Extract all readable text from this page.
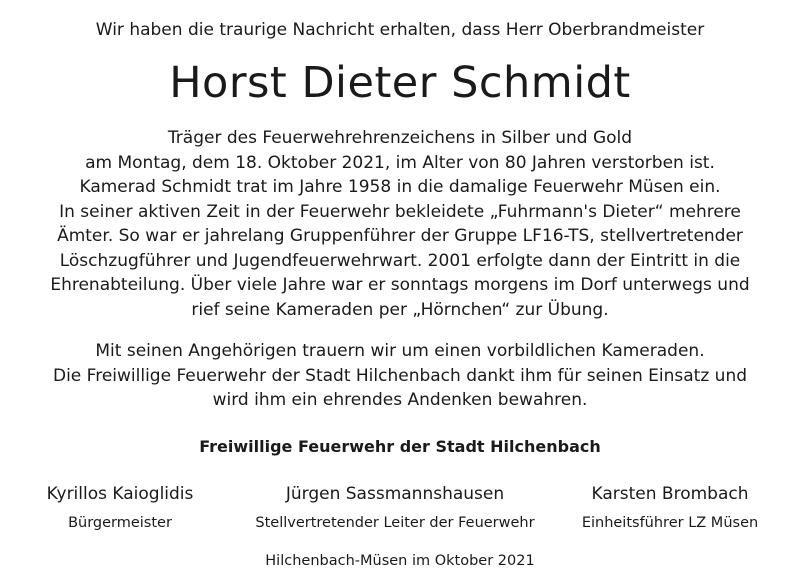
Wir haben die traurige Nachricht erhalten, dass Herr Oberbrandmeister
Horst Dieter Schmidt
Träger des Feuerwehrehrenzeichens in Silber und Gold
am Montag, dem 18. Oktober 2021, im Alter von 80 Jahren verstorben ist.
Kamerad Schmidt trat im Jahre 1958 in die damalige Feuerwehr Müsen ein.
In seiner aktiven Zeit in der Feuerwehr bekleidete „Fuhrmann's Dieter“ mehrere
Ämter. So war er jahrelang Gruppenführer der Gruppe LF16-TS, stellvertretender
Löschzugführer und Jugendfeuerwehrwart. 2001 erfolgte dann der Eintritt in die
Ehrenabteilung. Über viele Jahre war er sonntags morgens im Dorf unterwegs und
rief seine Kameraden per „Hörnchen“ zur Übung.
Mit seinen Angehörigen trauern wir um einen vorbildlichen Kameraden.
Die Freiwillige Feuerwehr der Stadt Hilchenbach dankt ihm für seinen Einsatz und
wird ihm ein ehrendes Andenken bewahren.
Freiwillige Feuerwehr der Stadt Hilchenbach
Kyrillos Kaioglidis
Bürgermeister
Jürgen Sassmannshausen
Stellvertretender Leiter der Feuerwehr
Karsten Brombach
Einheitsführer LZ Müsen
Hilchenbach-Müsen im Oktober 2021
